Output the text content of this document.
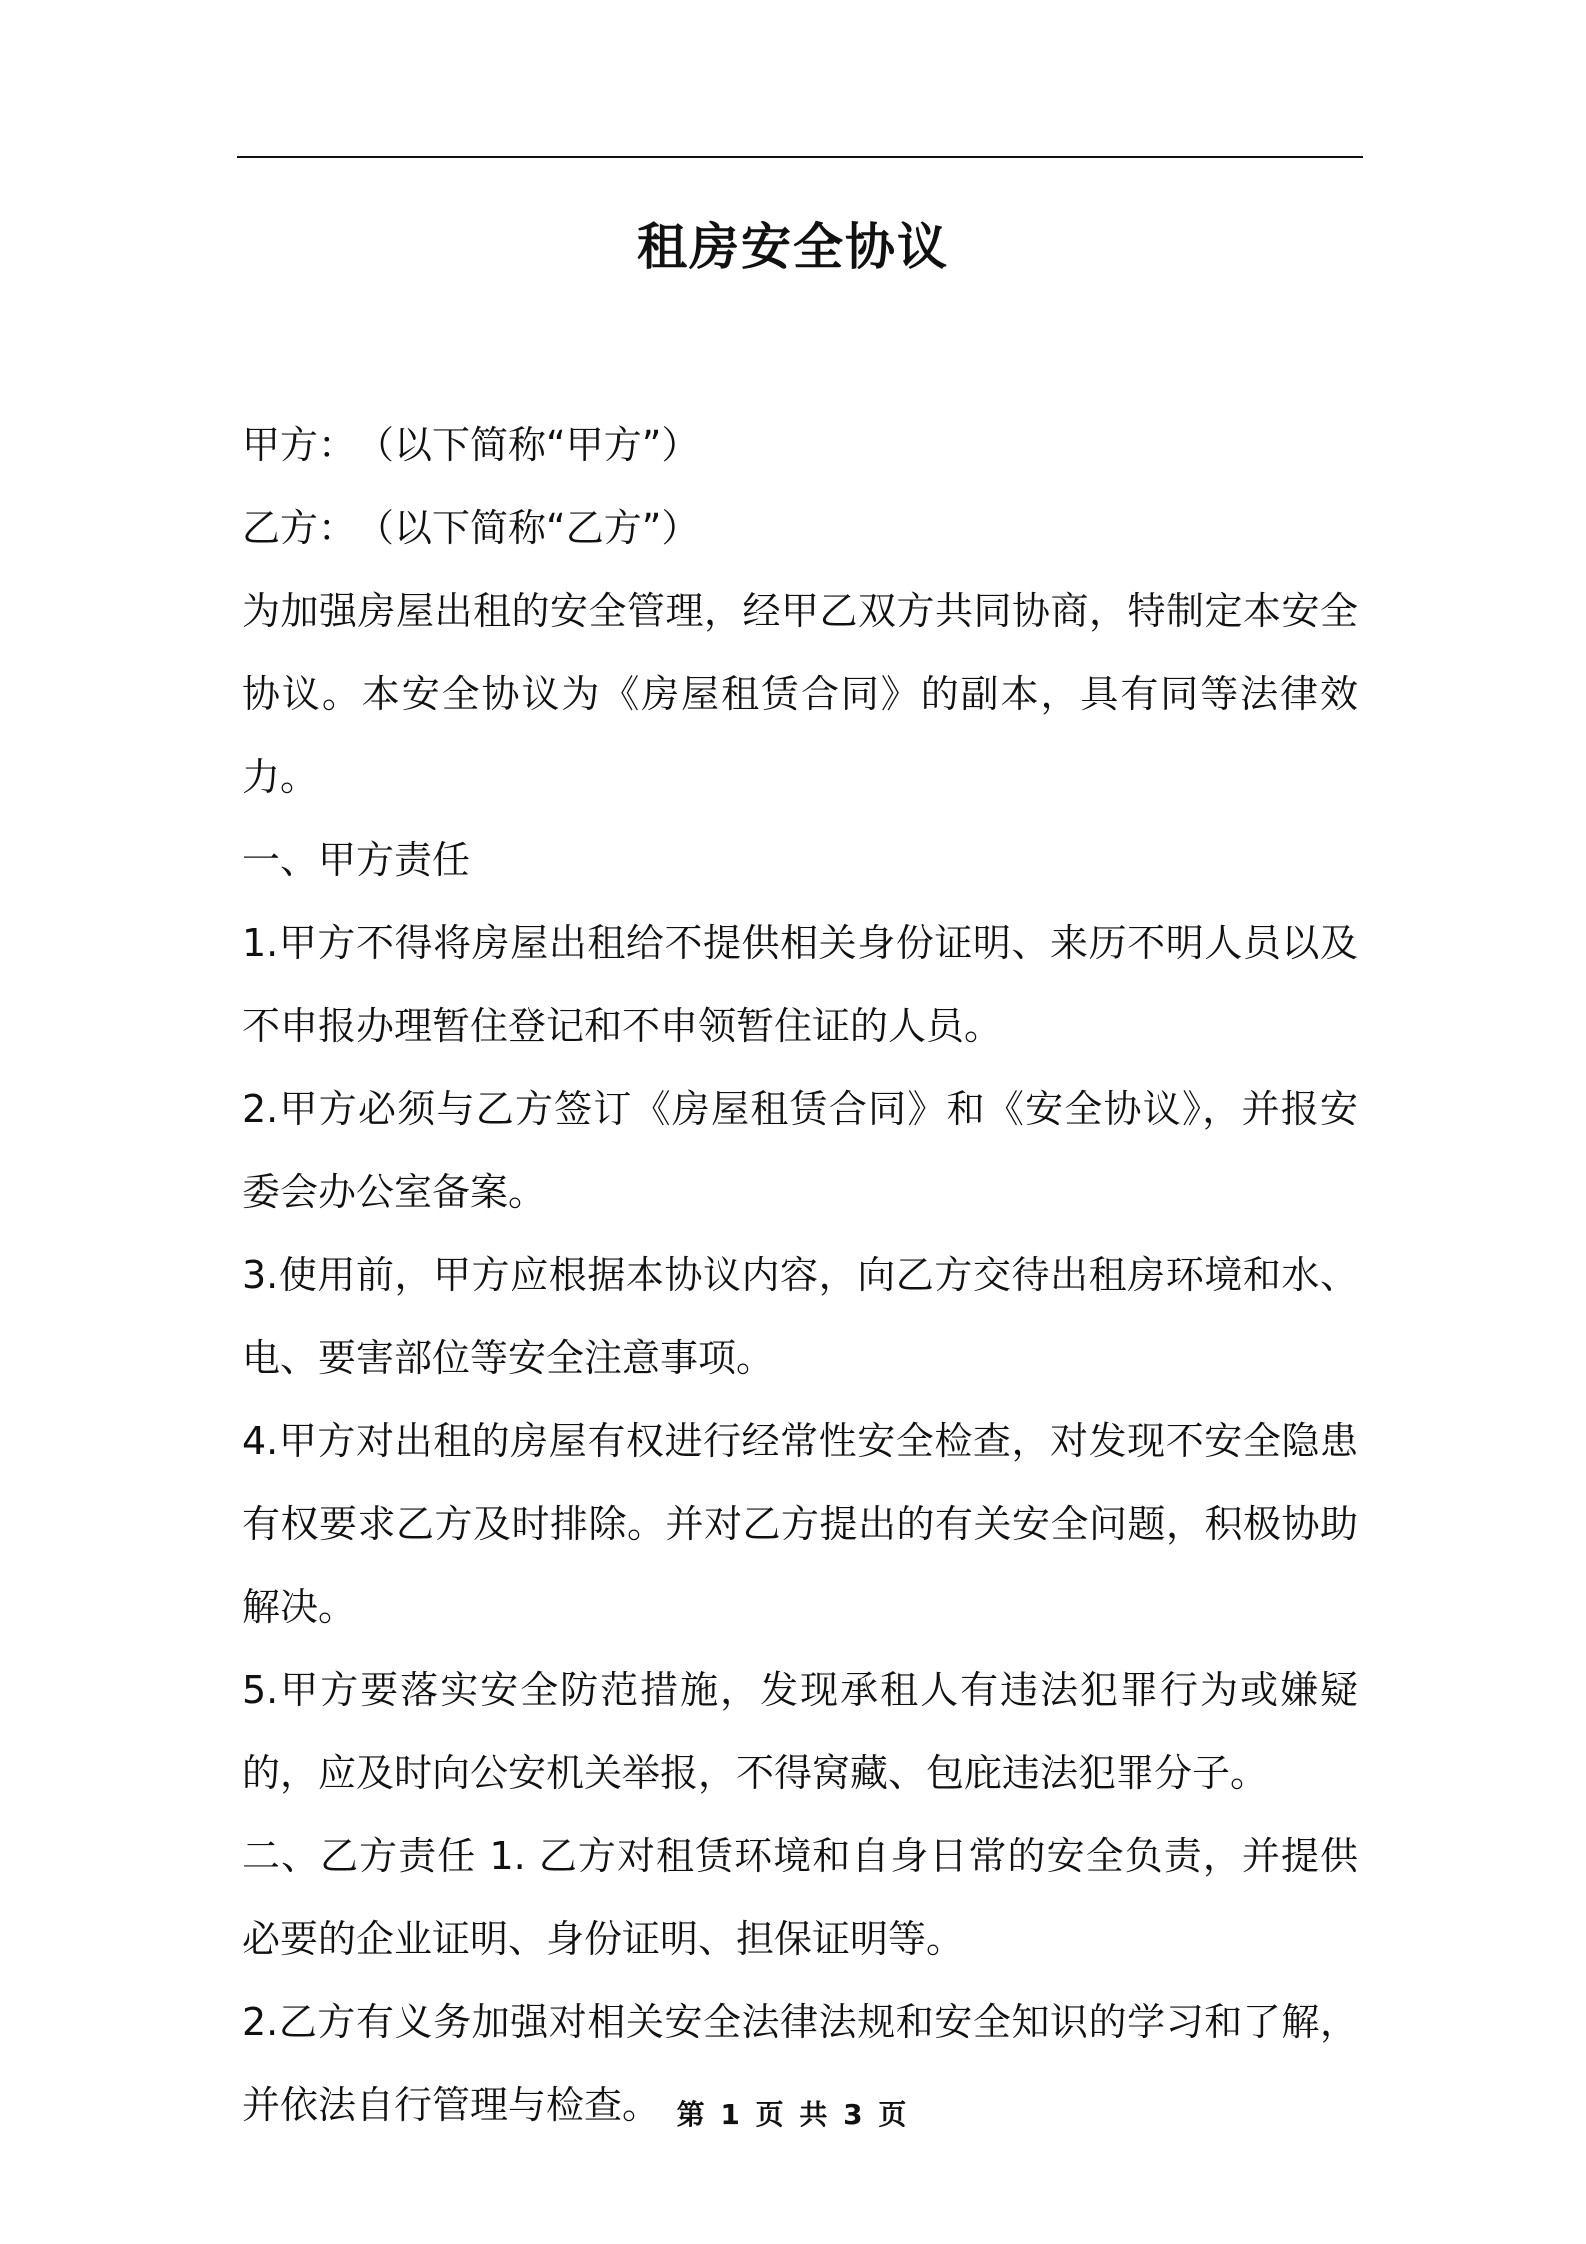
租房安全协议

甲方：　（以下简称“甲方”）

乙方：　（以下简称“乙方”）

为加强房屋出租的安全管理，经甲乙双方共同协商，特制定本安全协议。本安全协议为《房屋租赁合同》的副本，具有同等法律效力。

一、甲方责任

1.甲方不得将房屋出租给不提供相关身份证明、来历不明人员以及不申报办理暂住登记和不申领暂住证的人员。

2.甲方必须与乙方签订《房屋租赁合同》和《安全协议》，并报安委会办公室备案。

3.使用前，甲方应根据本协议内容，向乙方交待出租房环境和水、电、要害部位等安全注意事项。

4.甲方对出租的房屋有权进行经常性安全检查，对发现不安全隐患有权要求乙方及时排除。并对乙方提出的有关安全问题，积极协助解决。

5.甲方要落实安全防范措施，发现承租人有违法犯罪行为或嫌疑的，应及时向公安机关举报，不得窝藏、包庇违法犯罪分子。

二、乙方责任 1. 乙方对租赁环境和自身日常的安全负责，并提供必要的企业证明、身份证明、担保证明等。

2.乙方有义务加强对相关安全法律法规和安全知识的学习和了解，并依法自行管理与检查。 第 1 页 共 3 页
